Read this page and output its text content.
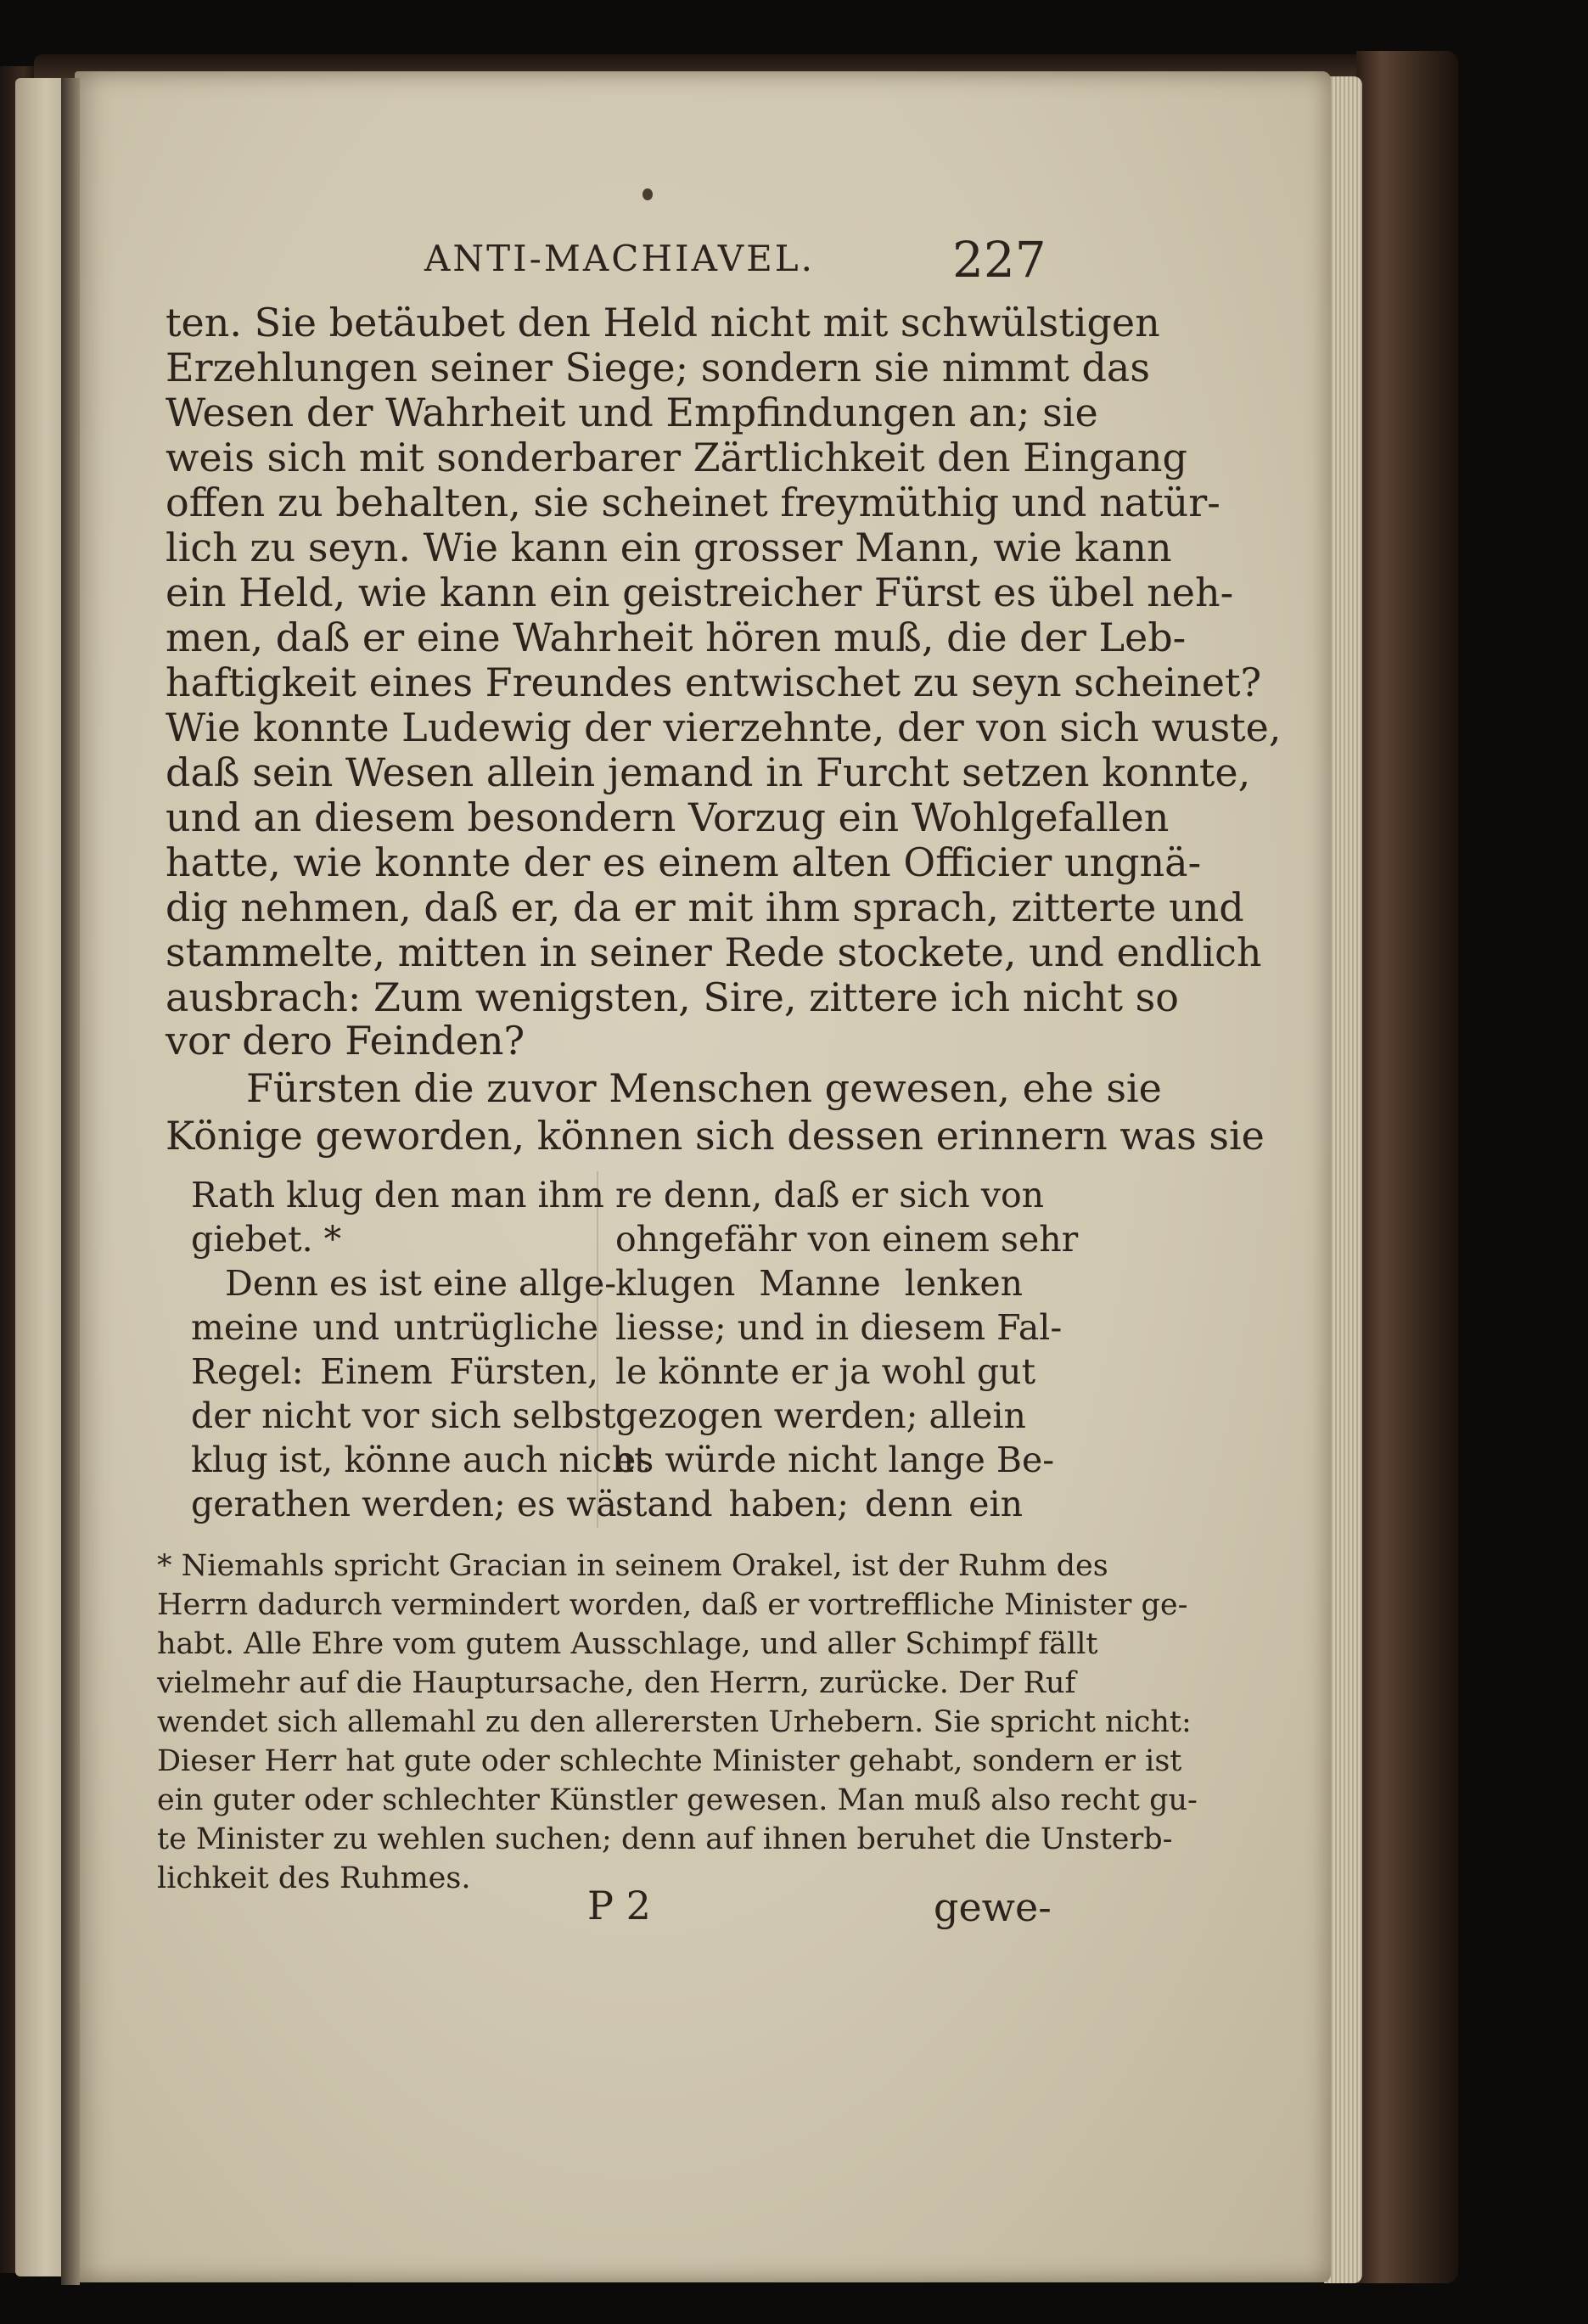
ANTI-MACHIAVEL.	227
ten. Sie betäubet den Held nicht mit schwülstigen
Erzehlungen seiner Siege; sondern sie nimmt das
Wesen der Wahrheit und Empfindungen an; sie
weis sich mit sonderbarer Zärtlichkeit den Eingang
offen zu behalten, sie scheinet freymüthig und natür-
lich zu seyn. Wie kann ein grosser Mann, wie kann
ein Held, wie kann ein geistreicher Fürst es übel neh-
men, daß er eine Wahrheit hören muß, die der Leb-
haftigkeit eines Freundes entwischet zu seyn scheinet?
Wie konnte Ludewig der vierzehnte, der von sich wuste,
daß sein Wesen allein jemand in Furcht setzen konnte,
und an diesem besondern Vorzug ein Wohlgefallen
hatte, wie konnte der es einem alten Officier ungnä-
dig nehmen, daß er, da er mit ihm sprach, zitterte und
stammelte, mitten in seiner Rede stockete, und endlich
ausbrach: Zum wenigsten, Sire, zittere ich nicht so
vor dero Feinden?
Fürsten die zuvor Menschen gewesen, ehe sie
Könige geworden, können sich dessen erinnern was sie
Rath klug den man ihm
giebet. *
Denn es ist eine allge-
meine und untrügliche
Regel: Einem Fürsten,
der nicht vor sich selbst
klug ist, könne auch nicht
gerathen werden; es wä-
re denn, daß er sich von
ohngefähr von einem sehr
klugen Manne lenken
liesse; und in diesem Fal-
le könnte er ja wohl gut
gezogen werden; allein
es würde nicht lange Be-
stand haben; denn ein
* Niemahls spricht Gracian in seinem Orakel, ist der Ruhm des
Herrn dadurch vermindert worden, daß er vortreffliche Minister ge-
habt. Alle Ehre vom gutem Ausschlage, und aller Schimpf fällt
vielmehr auf die Hauptursache, den Herrn, zurücke. Der Ruf
wendet sich allemahl zu den allerersten Urhebern. Sie spricht nicht:
Dieser Herr hat gute oder schlechte Minister gehabt, sondern er ist
ein guter oder schlechter Künstler gewesen. Man muß also recht gu-
te Minister zu wehlen suchen; denn auf ihnen beruhet die Unsterb-
lichkeit des Ruhmes.
P 2	gewe-
